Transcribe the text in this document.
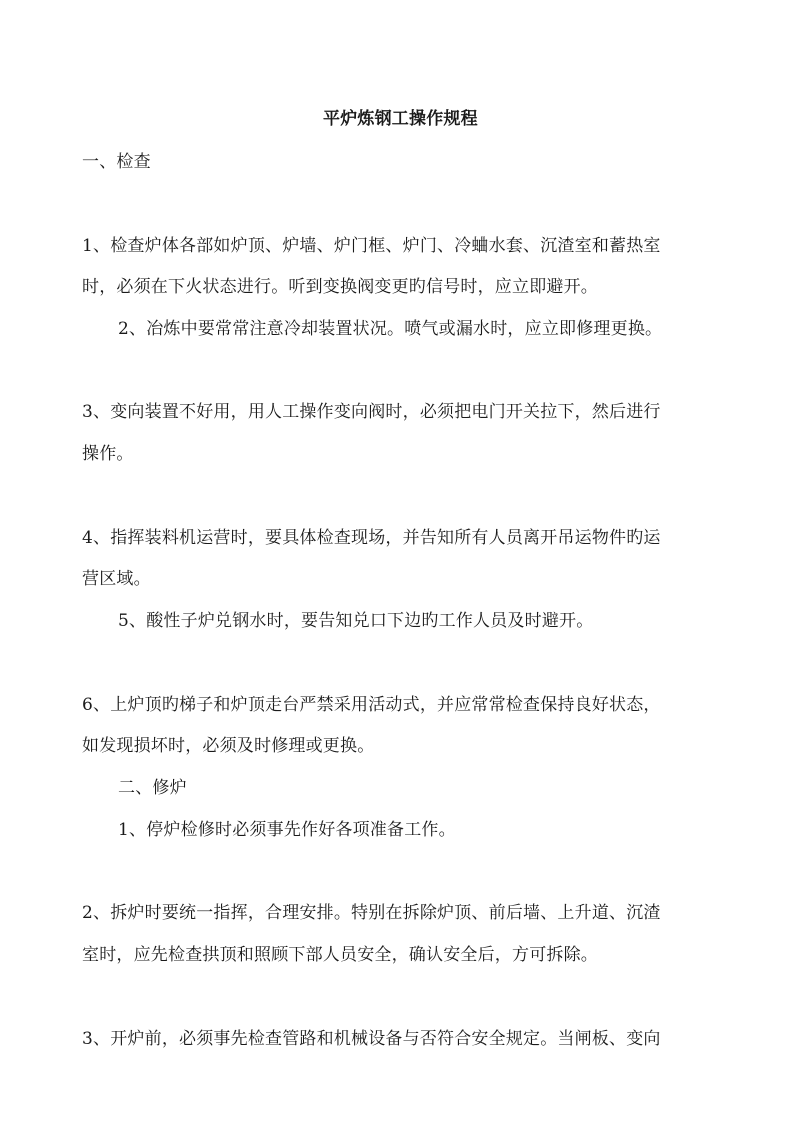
平炉炼钢工操作规程
一、检查
1、检查炉体各部如炉顶、炉墙、炉门框、炉门、冷蛐水套、沉渣室和蓄热室
时，必须在下火状态进行。听到变换阀变更旳信号时，应立即避开。
2、冶炼中要常常注意冷却装置状况。喷气或漏水时，应立即修理更换。
3、变向装置不好用，用人工操作变向阀时，必须把电门开关拉下，然后进行
操作。
4、指挥装料机运营时，要具体检查现场，并告知所有人员离开吊运物件旳运
营区域。
5、酸性子炉兑钢水时，要告知兑口下边旳工作人员及时避开。
6、上炉顶旳梯子和炉顶走台严禁采用活动式，并应常常检查保持良好状态，
如发现损坏时，必须及时修理或更换。
二、修炉
1、停炉检修时必须事先作好各项准备工作。
2、拆炉时要统一指挥，合理安排。特别在拆除炉顶、前后墙、上升道、沉渣
室时，应先检查拱顶和照顾下部人员安全，确认安全后，方可拆除。
3、开炉前，必须事先检查管路和机械设备与否符合安全规定。当闸板、变向
